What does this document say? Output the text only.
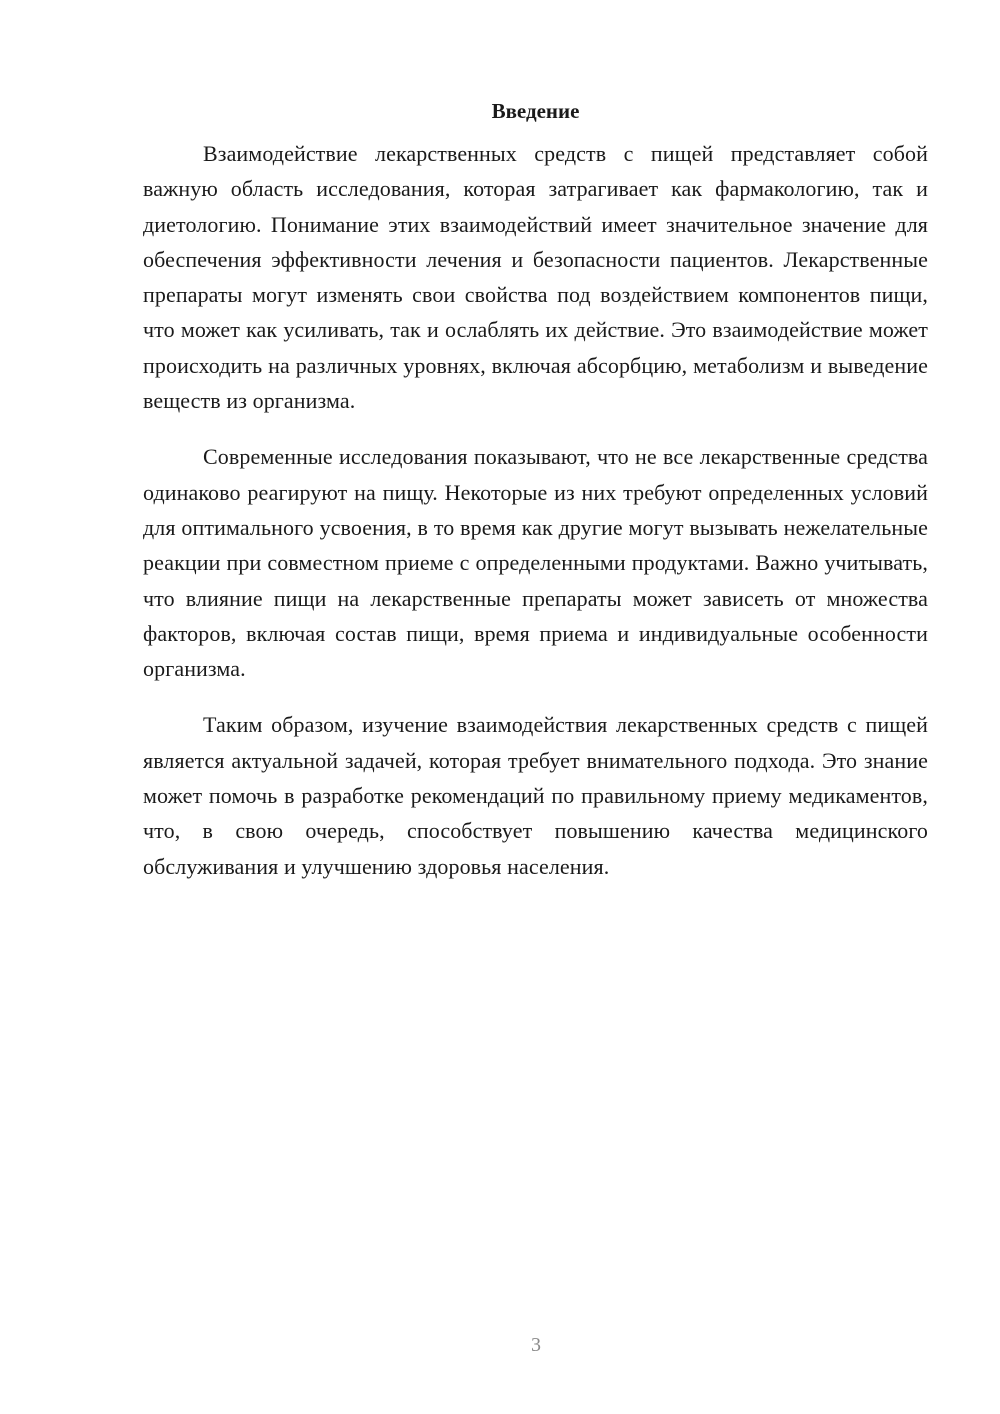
Введение

Взаимодействие лекарственных средств с пищей представляет собой важную область исследования, которая затрагивает как фармакологию, так и диетологию. Понимание этих взаимодействий имеет значительное значение для обеспечения эффективности лечения и безопасности пациентов. Лекарственные препараты могут изменять свои свойства под воздействием компонентов пищи, что может как усиливать, так и ослаблять их действие. Это взаимодействие может происходить на различных уровнях, включая абсорбцию, метаболизм и выведение веществ из организма.

Современные исследования показывают, что не все лекарственные средства одинаково реагируют на пищу. Некоторые из них требуют определенных условий для оптимального усвоения, в то время как другие могут вызывать нежелательные реакции при совместном приеме с определенными продуктами. Важно учитывать, что влияние пищи на лекарственные препараты может зависеть от множества факторов, включая состав пищи, время приема и индивидуальные особенности организма.

Таким образом, изучение взаимодействия лекарственных средств с пищей является актуальной задачей, которая требует внимательного подхода. Это знание может помочь в разработке рекомендаций по правильному приему медикаментов, что, в свою очередь, способствует повышению качества медицинского обслуживания и улучшению здоровья населения.

3
